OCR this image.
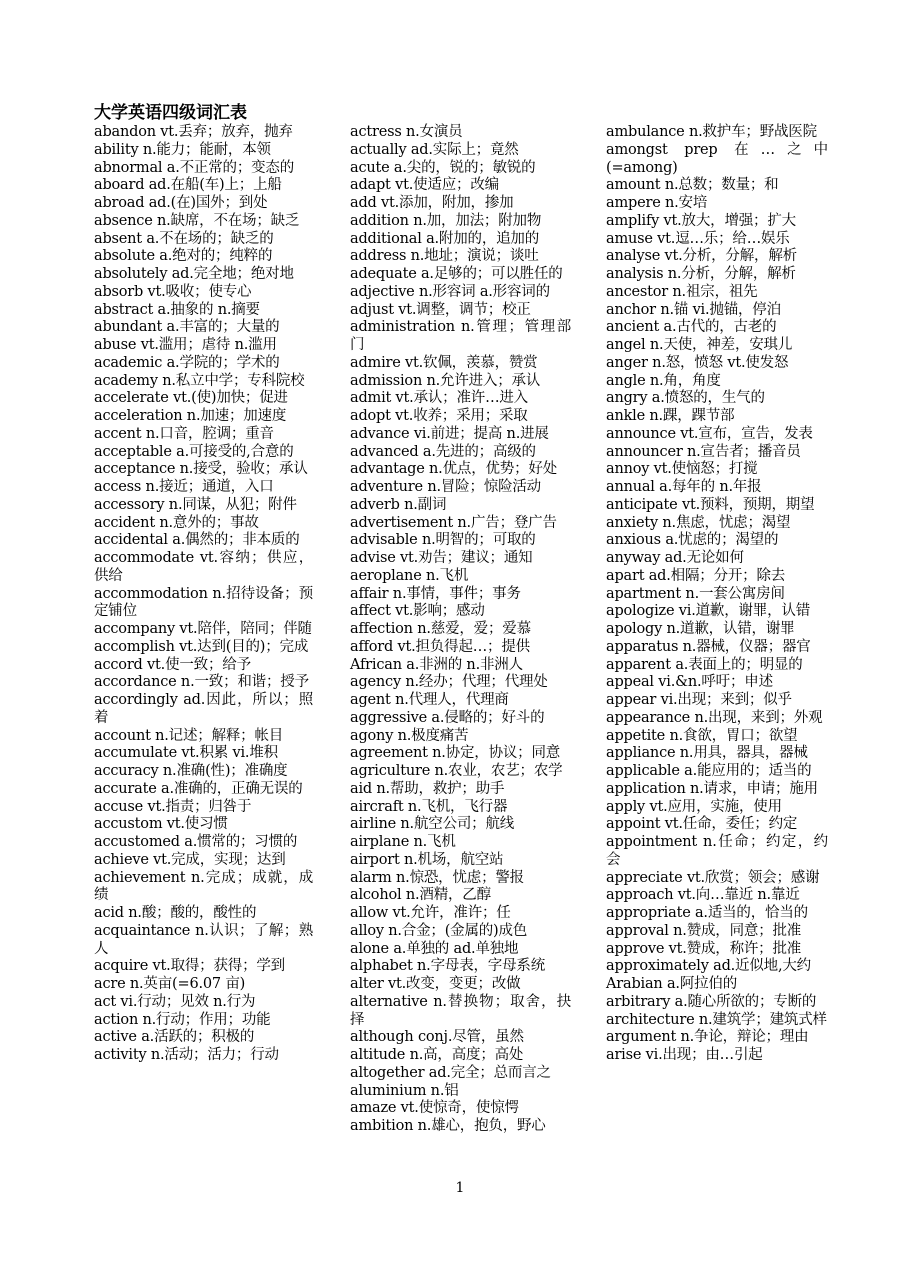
大学英语四级词汇表
abandon vt.丢弃；放弃，抛弃
ability n.能力；能耐，本领
abnormal a.不正常的；变态的
aboard ad.在船(车)上；上船
abroad ad.(在)国外；到处
absence n.缺席，不在场；缺乏
absent a.不在场的；缺乏的
absolute a.绝对的；纯粹的
absolutely ad.完全地；绝对地
absorb vt.吸收；使专心
abstract a.抽象的 n.摘要
abundant a.丰富的；大量的
abuse vt.滥用；虐待 n.滥用
academic a.学院的；学术的
academy n.私立中学；专科院校
accelerate vt.(使)加快；促进
acceleration n.加速；加速度
accent n.口音，腔调；重音
acceptable a.可接受的,合意的
acceptance n.接受，验收；承认
access n.接近；通道，入口
accessory n.同谋，从犯；附件
accident n.意外的；事故
accidental a.偶然的；非本质的
accommodate vt.容纳；供应，供给
accommodation n.招待设备；预定铺位
accompany vt.陪伴，陪同；伴随
accomplish vt.达到(目的)；完成
accord vt.使一致；给予
accordance n.一致；和谐；授予
accordingly ad.因此，所以；照着
account n.记述；解释；帐目
accumulate vt.积累 vi.堆积
accuracy n.准确(性)；准确度
accurate a.准确的，正确无误的
accuse vt.指责；归咎于
accustom vt.使习惯
accustomed a.惯常的；习惯的
achieve vt.完成，实现；达到
achievement n.完成；成就，成绩
acid n.酸；酸的，酸性的
acquaintance n.认识；了解；熟人
acquire vt.取得；获得；学到
acre n.英亩(=6.07 亩)
act vi.行动；见效 n.行为
action n.行动；作用；功能
active a.活跃的；积极的
activity n.活动；活力；行动
actress n.女演员
actually ad.实际上；竟然
acute a.尖的，锐的；敏锐的
adapt vt.使适应；改编
add vt.添加，附加，掺加
addition n.加，加法；附加物
additional a.附加的，追加的
address n.地址；演说；谈吐
adequate a.足够的；可以胜任的
adjective n.形容词 a.形容词的
adjust vt.调整，调节；校正
administration n.管理；管理部门
admire vt.钦佩，羡慕，赞赏
admission n.允许进入；承认
admit vt.承认；准许…进入
adopt vt.收养；采用；采取
advance vi.前进；提高 n.进展
advanced a.先进的；高级的
advantage n.优点，优势；好处
adventure n.冒险；惊险活动
adverb n.副词
advertisement n.广告；登广告
advisable n.明智的；可取的
advise vt.劝告；建议；通知
aeroplane n.飞机
affair n.事情，事件；事务
affect vt.影响；感动
affection n.慈爱，爱；爱慕
afford vt.担负得起…；提供
African a.非洲的 n.非洲人
agency n.经办；代理；代理处
agent n.代理人，代理商
aggressive a.侵略的；好斗的
agony n.极度痛苦
agreement n.协定，协议；同意
agriculture n.农业，农艺；农学
aid n.帮助，救护；助手
aircraft n.飞机，飞行器
airline n.航空公司；航线
airplane n.飞机
airport n.机场，航空站
alarm n.惊恐，忧虑；警报
alcohol n.酒精，乙醇
allow vt.允许，准许；任
alloy n.合金；(金属的)成色
alone a.单独的 ad.单独地
alphabet n.字母表，字母系统
alter vt.改变，变更；改做
alternative n.替换物；取舍，抉择
although conj.尽管，虽然
altitude n.高，高度；高处
altogether ad.完全；总而言之
aluminium n.铝
amaze vt.使惊奇，使惊愕
ambition n.雄心，抱负，野心
ambulance n.救护车；野战医院
amongst prep 在…之中(=among)
amount n.总数；数量；和
ampere n.安培
amplify vt.放大，增强；扩大
amuse vt.逗…乐；给…娱乐
analyse vt.分析，分解，解析
analysis n.分析，分解，解析
ancestor n.祖宗，祖先
anchor n.锚 vi.抛锚，停泊
ancient a.古代的，古老的
angel n.天使，神差，安琪儿
anger n.怒，愤怒 vt.使发怒
angle n.角，角度
angry a.愤怒的，生气的
ankle n.踝，踝节部
announce vt.宣布，宣告，发表
announcer n.宣告者；播音员
annoy vt.使恼怒；打搅
annual a.每年的 n.年报
anticipate vt.预料，预期，期望
anxiety n.焦虑，忧虑；渴望
anxious a.忧虑的；渴望的
anyway ad.无论如何
apart ad.相隔；分开；除去
apartment n.一套公寓房间
apologize vi.道歉，谢罪，认错
apology n.道歉，认错，谢罪
apparatus n.器械，仪器；器官
apparent a.表面上的；明显的
appeal vi.&n.呼吁；申述
appear vi.出现；来到；似乎
appearance n.出现，来到；外观
appetite n.食欲，胃口；欲望
appliance n.用具，器具，器械
applicable a.能应用的；适当的
application n.请求，申请；施用
apply vt.应用，实施，使用
appoint vt.任命，委任；约定
appointment n.任命；约定，约会
appreciate vt.欣赏；领会；感谢
approach vt.向…靠近 n.靠近
appropriate a.适当的，恰当的
approval n.赞成，同意；批准
approve vt.赞成，称许；批准
approximately ad.近似地,大约
Arabian a.阿拉伯的
arbitrary a.随心所欲的；专断的
architecture n.建筑学；建筑式样
argument n.争论，辩论；理由
arise vi.出现；由…引起
1
